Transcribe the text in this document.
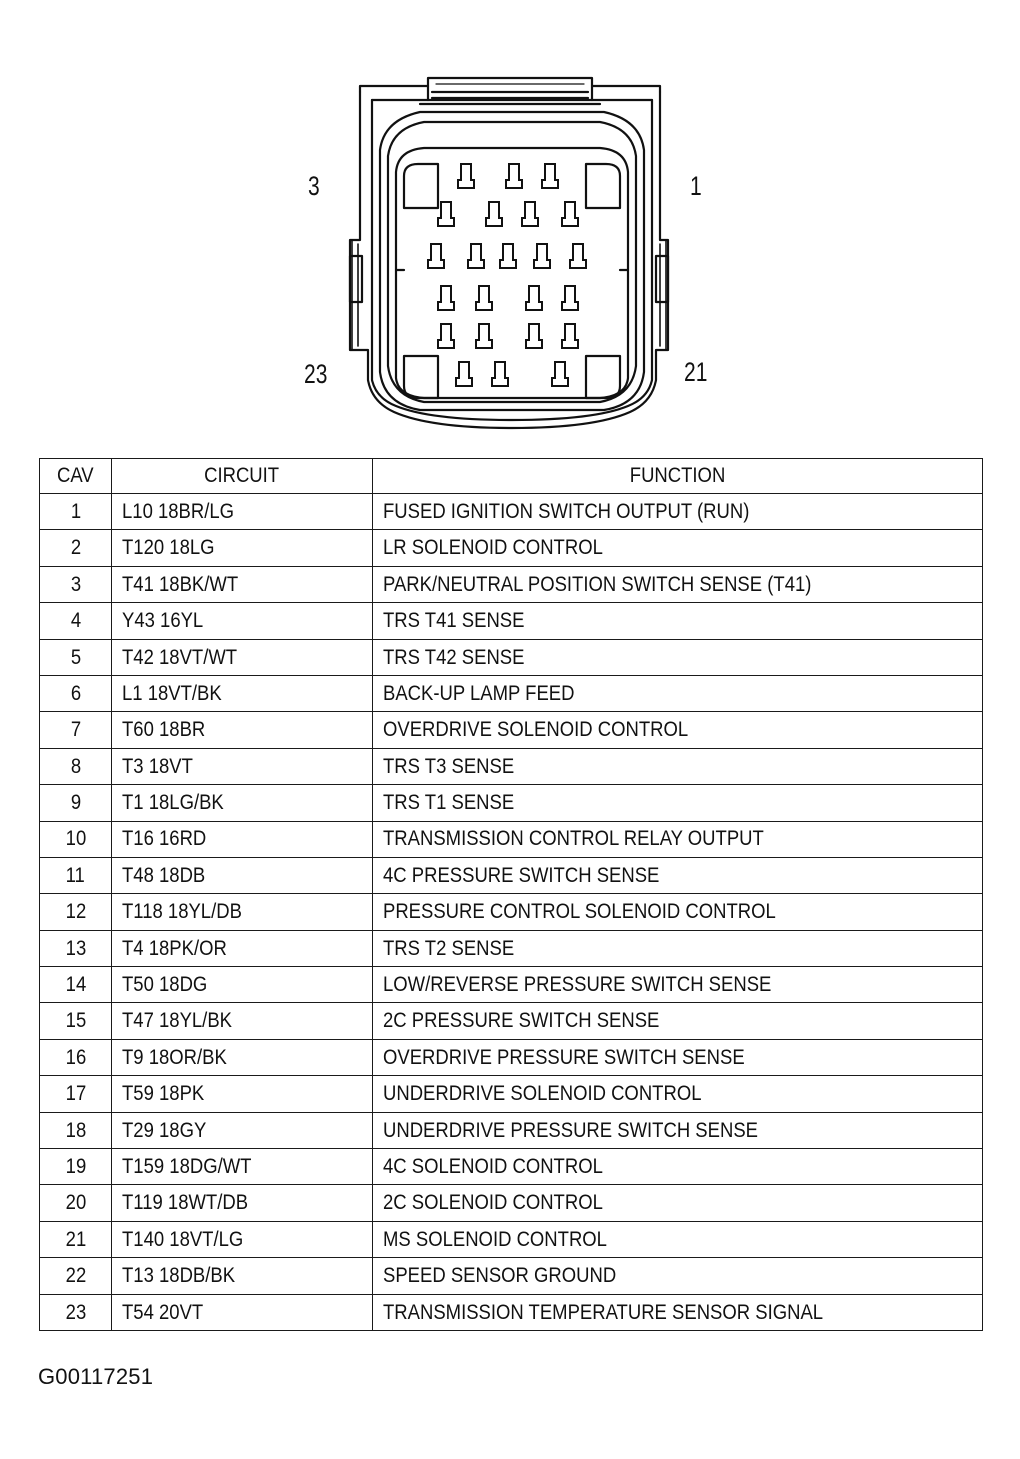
3	1
23	21
CAV	CIRCUIT	FUNCTION
1	L10 18BR/LG	FUSED IGNITION SWITCH OUTPUT (RUN)
2	T120 18LG	LR SOLENOID CONTROL
3	T41 18BK/WT	PARK/NEUTRAL POSITION SWITCH SENSE (T41)
4	Y43 16YL	TRS T41 SENSE
5	T42 18VT/WT	TRS T42 SENSE
6	L1 18VT/BK	BACK-UP LAMP FEED
7	T60 18BR	OVERDRIVE SOLENOID CONTROL
8	T3 18VT	TRS T3 SENSE
9	T1 18LG/BK	TRS T1 SENSE
10	T16 16RD	TRANSMISSION CONTROL RELAY OUTPUT
11	T48 18DB	4C PRESSURE SWITCH SENSE
12	T118 18YL/DB	PRESSURE CONTROL SOLENOID CONTROL
13	T4 18PK/OR	TRS T2 SENSE
14	T50 18DG	LOW/REVERSE PRESSURE SWITCH SENSE
15	T47 18YL/BK	2C PRESSURE SWITCH SENSE
16	T9 18OR/BK	OVERDRIVE PRESSURE SWITCH SENSE
17	T59 18PK	UNDERDRIVE SOLENOID CONTROL
18	T29 18GY	UNDERDRIVE PRESSURE SWITCH SENSE
19	T159 18DG/WT	4C SOLENOID CONTROL
20	T119 18WT/DB	2C SOLENOID CONTROL
21	T140 18VT/LG	MS SOLENOID CONTROL
22	T13 18DB/BK	SPEED SENSOR GROUND
23	T54 20VT	TRANSMISSION TEMPERATURE SENSOR SIGNAL
G00117251
